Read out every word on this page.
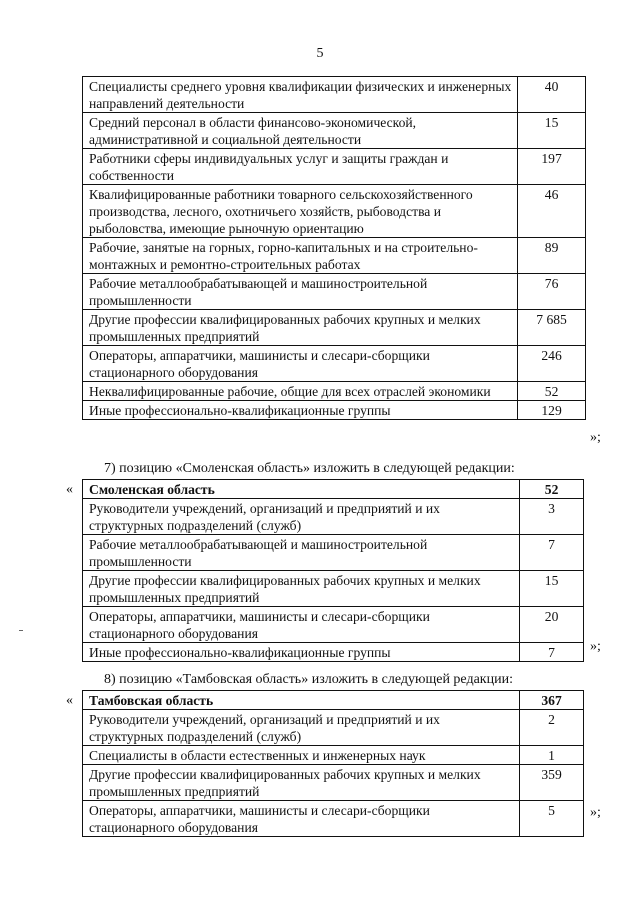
5
Специалисты среднего уровня квалификации физических и инженерных направлений деятельности	40
Средний персонал в области финансово-экономической, административной и социальной деятельности	15
Работники сферы индивидуальных услуг и защиты граждан и собственности	197
Квалифицированные работники товарного сельскохозяйственного производства, лесного, охотничьего хозяйств, рыбоводства и рыболовства, имеющие рыночную ориентацию	46
Рабочие, занятые на горных, горно-капитальных и на строительно-монтажных и ремонтно-строительных работах	89
Рабочие металлообрабатывающей и машиностроительной промышленности	76
Другие профессии квалифицированных рабочих крупных и мелких промышленных предприятий	7 685
Операторы, аппаратчики, машинисты и слесари-сборщики стационарного оборудования	246
Неквалифицированные рабочие, общие для всех отраслей экономики	52
Иные профессионально-квалификационные группы	129
»;
7) позицию «Смоленская область» изложить в следующей редакции:
« Смоленская область	52
Руководители учреждений, организаций и предприятий и их структурных подразделений (служб)	3
Рабочие металлообрабатывающей и машиностроительной промышленности	7
Другие профессии квалифицированных рабочих крупных и мелких промышленных предприятий	15
Операторы, аппаратчики, машинисты и слесари-сборщики стационарного оборудования	20
Иные профессионально-квалификационные группы	7	»;
8) позицию «Тамбовская область» изложить в следующей редакции:
« Тамбовская область	367
Руководители учреждений, организаций и предприятий и их структурных подразделений (служб)	2
Специалисты в области естественных и инженерных наук	1
Другие профессии квалифицированных рабочих крупных и мелких промышленных предприятий	359
Операторы, аппаратчики, машинисты и слесари-сборщики стационарного оборудования	5	»;
